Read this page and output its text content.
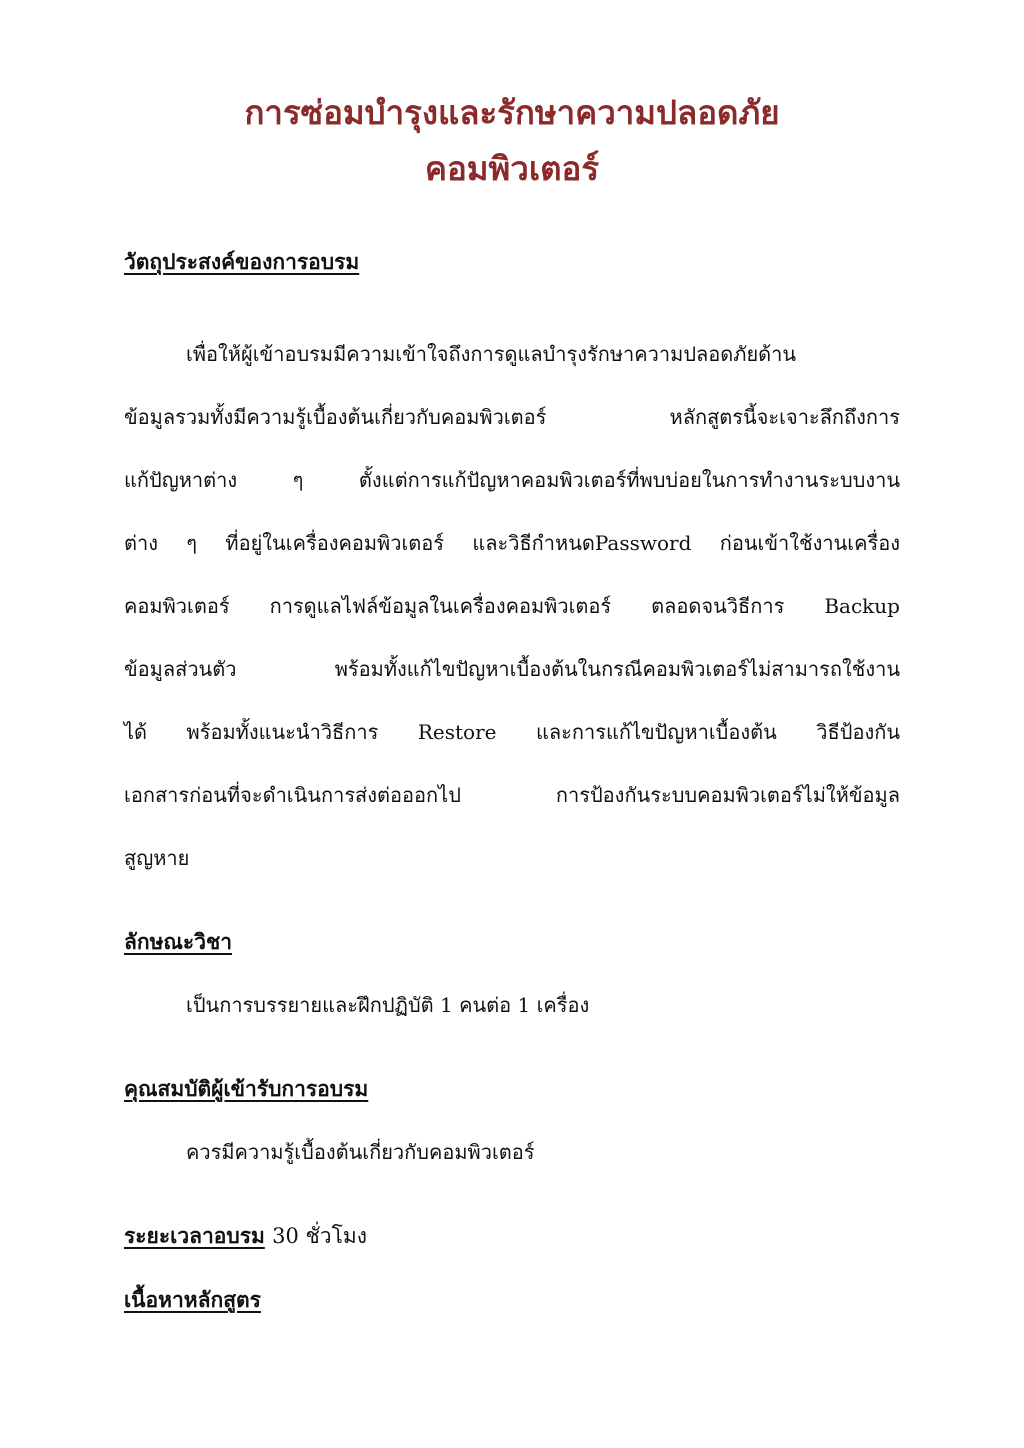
การซ่อมบำรุงและรักษาความปลอดภัย
คอมพิวเตอร์
วัตถุประสงค์ของการอบรม

เพื่อให้ผู้เข้าอบรมมีความเข้าใจถึงการดูแลบำรุงรักษาความปลอดภัยด้าน

ข้อมูลรวมทั้งมีความรู้เบื้องต้นเกี่ยวกับคอมพิวเตอร์ หลักสูตรนี้จะเจาะลึกถึงการ

แก้ปัญหาต่าง ๆ ตั้งแต่การแก้ปัญหาคอมพิวเตอร์ที่พบบ่อยในการทำงานระบบงาน

ต่าง ๆ ที่อยู่ในเครื่องคอมพิวเตอร์ และวิธีกำหนดPassword ก่อนเข้าใช้งานเครื่อง

คอมพิวเตอร์ การดูแลไฟล์ข้อมูลในเครื่องคอมพิวเตอร์ ตลอดจนวิธีการ Backup

ข้อมูลส่วนตัว พร้อมทั้งแก้ไขปัญหาเบื้องต้นในกรณีคอมพิวเตอร์ไม่สามารถใช้งาน

ได้ พร้อมทั้งแนะนำวิธีการ Restore และการแก้ไขปัญหาเบื้องต้น วิธีป้องกัน

เอกสารก่อนที่จะดำเนินการส่งต่อออกไป การป้องกันระบบคอมพิวเตอร์ไม่ให้ข้อมูล

สูญหาย

ลักษณะวิชา

เป็นการบรรยายและฝึกปฏิบัติ 1 คนต่อ 1 เครื่อง

คุณสมบัติผู้เข้ารับการอบรม

ควรมีความรู้เบื้องต้นเกี่ยวกับคอมพิวเตอร์

ระยะเวลาอบรม 30 ชั่วโมง
เนื้อหาหลักสูตร
